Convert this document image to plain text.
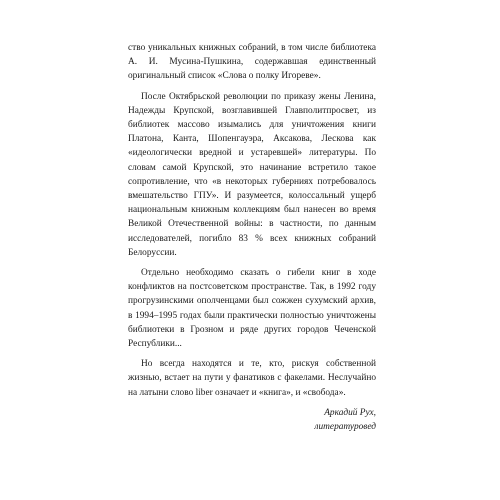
ство уникальных книжных собраний, в том числе библиотека А. И. Мусина-Пушкина, содержавшая единственный оригинальный список «Слова о полку Игореве».

После Октябрьской революции по приказу жены Ленина, Надежды Крупской, возглавившей Главполитпросвет, из библиотек массово изымались для уничтожения книги Платона, Канта, Шопенгауэра, Аксакова, Лескова как «идеологически вредной и устаревшей» литературы. По словам самой Крупской, это начинание встретило такое сопротивление, что «в некоторых губерниях потребовалось вмешательство ГПУ». И разумеется, колоссальный ущерб национальным книжным коллекциям был нанесен во время Великой Отечественной войны: в частности, по данным исследователей, погибло 83 % всех книжных собраний Белоруссии.

Отдельно необходимо сказать о гибели книг в ходе конфликтов на постсоветском пространстве. Так, в 1992 году прогрузинскими ополченцами был сожжен сухумский архив, в 1994–1995 годах были практически полностью уничтожены библиотеки в Грозном и ряде других городов Чеченской Республики...

Но всегда находятся и те, кто, рискуя собственной жизнью, встает на пути у фанатиков с факелами. Неслучайно на латыни слово liber означает и «книга», и «свобода».

Аркадий Рух,
литературовед
